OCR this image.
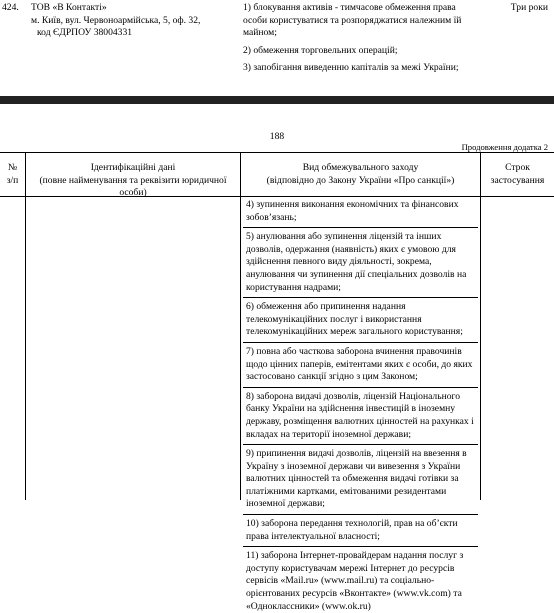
424. ТОВ «В Контакті»
м. Київ, вул. Червоноармійська, 5, оф. 32,
код ЄДРПОУ 38004331

1) блокування активів - тимчасове обмеження права особи користуватися та розпоряджатися належним їй майном;

2) обмеження торговельних операцій;

3) запобігання виведенню капіталів за межі України;

Три роки
188
Продовження додатка 2
№
з/п
Ідентифікаційні дані
(повне найменування та реквізити юридичної особи)
Вид обмежувального заходу
(відповідно до Закону України «Про санкції»)
Строк
застосування
4) зупинення виконання економічних та фінансових зобов’язань;
5) анулювання або зупинення ліцензій та інших дозволів, одержання (наявність) яких є умовою для здійснення певного виду діяльності, зокрема, анулювання чи зупинення дії спеціальних дозволів на користування надрами;
6) обмеження або припинення надання телекомунікаційних послуг і використання телекомунікаційних мереж загального користування;
7) повна або часткова заборона вчинення правочинів щодо цінних паперів, емітентами яких є особи, до яких застосовано санкції згідно з цим Законом;
8) заборона видачі дозволів, ліцензій Національного банку України на здійснення інвестицій в іноземну державу, розміщення валютних цінностей на рахунках і вкладах на території іноземної держави;
9) припинення видачі дозволів, ліцензій на ввезення в Україну з іноземної держави чи вивезення з України валютних цінностей та обмеження видачі готівки за платіжними картками, емітованими резидентами іноземної держави;
10) заборона передання технологій, прав на об’єкти права інтелектуальної власності;
11) заборона Інтернет-провайдерам надання послуг з доступу користувачам мережі Інтернет до ресурсів сервісів «Mail.ru» (www.mail.ru) та соціально-орієнтованих ресурсів «Вконтакте» (www.vk.com) та «Одноклассники» (www.ok.ru)
